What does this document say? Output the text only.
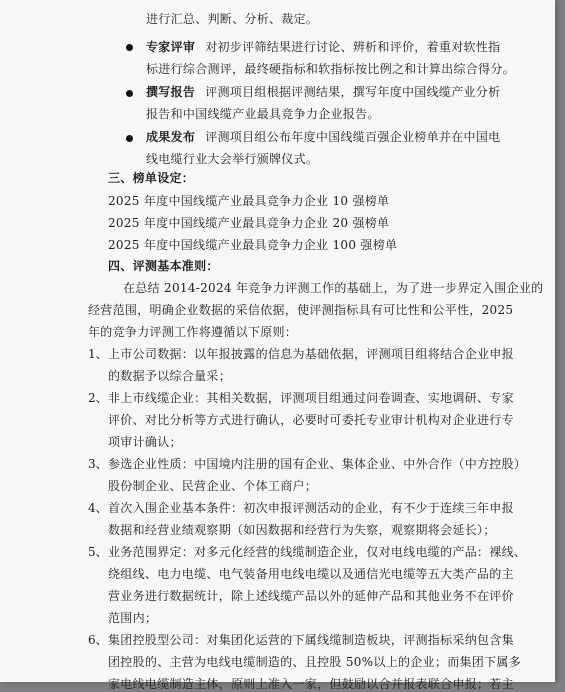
进行汇总、判断、分析、裁定。
专家评审 对初步评筛结果进行讨论、辨析和评价，着重对软性指
标进行综合测评，最终硬指标和软指标按比例之和计算出综合得分。
撰写报告 评测项目组根据评测结果，撰写年度中国线缆产业分析
报告和中国线缆产业最具竞争力企业报告。
成果发布 评测项目组公布年度中国线缆百强企业榜单并在中国电
线电缆行业大会举行颁牌仪式。
三、榜单设定：
2025 年度中国线缆产业最具竞争力企业 10 强榜单
2025 年度中国线缆产业最具竞争力企业 20 强榜单
2025 年度中国线缆产业最具竞争力企业 100 强榜单
四、评测基本准则：
在总结 2014-2024 年竞争力评测工作的基础上，为了进一步界定入围企业的
经营范围，明确企业数据的采信依据，使评测指标具有可比性和公平性，2025
年的竞争力评测工作将遵循以下原则：
1、 上市公司数据：以年报披露的信息为基础依据，评测项目组将结合企业申报
的数据予以综合量采；
2、 非上市线缆企业：其相关数据，评测项目组通过问卷调查、实地调研、专家
评价、对比分析等方式进行确认，必要时可委托专业审计机构对企业进行专
项审计确认；
3、 参选企业性质：中国境内注册的国有企业、集体企业、中外合作（中方控股）
股份制企业、民营企业、个体工商户；
4、 首次入围企业基本条件：初次申报评测活动的企业，有不少于连续三年申报
数据和经营业绩观察期（如因数据和经营行为失察，观察期将会延长）；
5、 业务范围界定：对多元化经营的线缆制造企业，仅对电线电缆的产品：裸线、
绕组线、电力电缆、电气装备用电线电缆以及通信光电缆等五大类产品的主
营业务进行数据统计，除上述线缆产品以外的延伸产品和其他业务不在评价
范围内；
6、 集团控股型公司：对集团化运营的下属线缆制造板块，评测指标采纳包含集
团控股的、主营为电线电缆制造的、且控股 50%以上的企业；而集团下属多
家电线电缆制造主体，原则上准入一家，但鼓励以合并报表联合申报；若主
